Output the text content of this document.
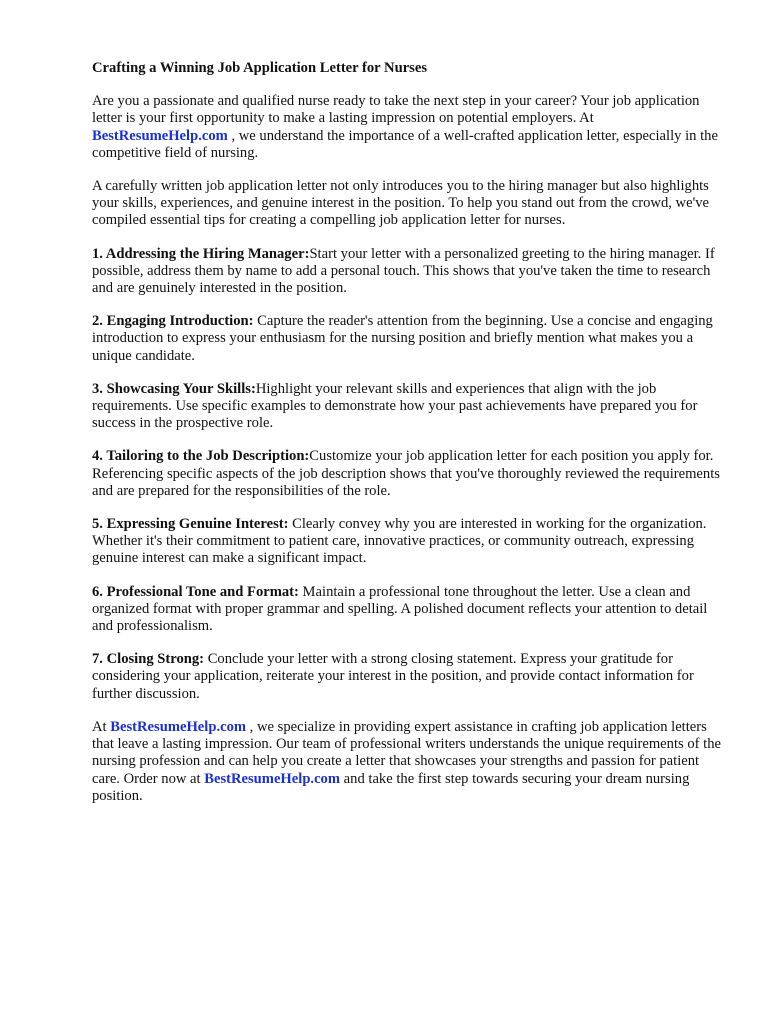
Crafting a Winning Job Application Letter for Nurses

Are you a passionate and qualified nurse ready to take the next step in your career? Your job application letter is your first opportunity to make a lasting impression on potential employers. At BestResumeHelp.com , we understand the importance of a well-crafted application letter, especially in the competitive field of nursing.

A carefully written job application letter not only introduces you to the hiring manager but also highlights your skills, experiences, and genuine interest in the position. To help you stand out from the crowd, we've compiled essential tips for creating a compelling job application letter for nurses.

1. Addressing the Hiring Manager:Start your letter with a personalized greeting to the hiring manager. If possible, address them by name to add a personal touch. This shows that you've taken the time to research and are genuinely interested in the position.

2. Engaging Introduction: Capture the reader's attention from the beginning. Use a concise and engaging introduction to express your enthusiasm for the nursing position and briefly mention what makes you a unique candidate.

3. Showcasing Your Skills:Highlight your relevant skills and experiences that align with the job requirements. Use specific examples to demonstrate how your past achievements have prepared you for success in the prospective role.

4. Tailoring to the Job Description:Customize your job application letter for each position you apply for. Referencing specific aspects of the job description shows that you've thoroughly reviewed the requirements and are prepared for the responsibilities of the role.

5. Expressing Genuine Interest: Clearly convey why you are interested in working for the organization. Whether it's their commitment to patient care, innovative practices, or community outreach, expressing genuine interest can make a significant impact.

6. Professional Tone and Format: Maintain a professional tone throughout the letter. Use a clean and organized format with proper grammar and spelling. A polished document reflects your attention to detail and professionalism.

7. Closing Strong: Conclude your letter with a strong closing statement. Express your gratitude for considering your application, reiterate your interest in the position, and provide contact information for further discussion.

At BestResumeHelp.com , we specialize in providing expert assistance in crafting job application letters that leave a lasting impression. Our team of professional writers understands the unique requirements of the nursing profession and can help you create a letter that showcases your strengths and passion for patient care. Order now at BestResumeHelp.com and take the first step towards securing your dream nursing position.
